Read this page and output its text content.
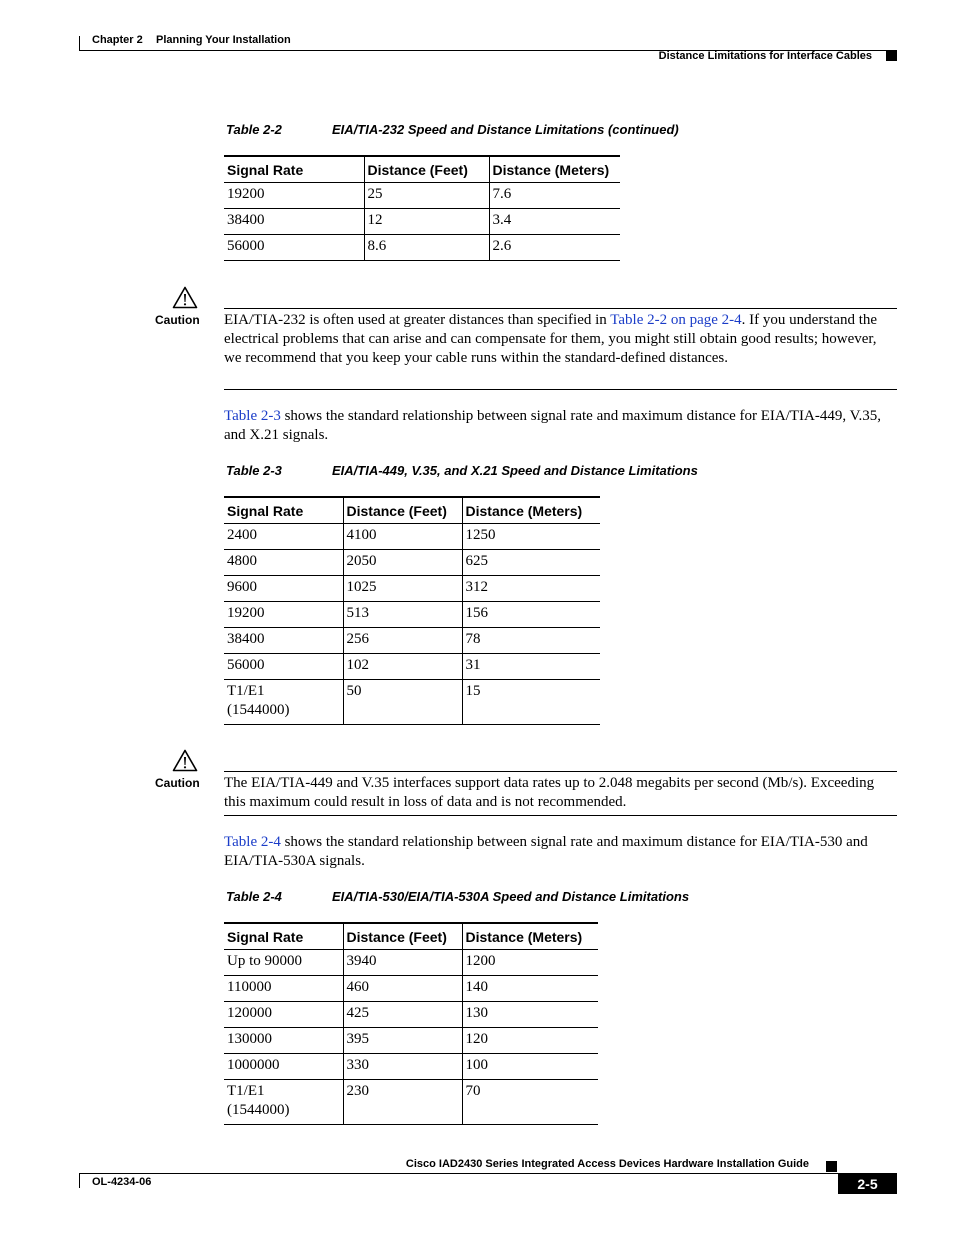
Chapter 2 Planning Your Installation
Distance Limitations for Interface Cables
Table 2-2	EIA/TIA-232 Speed and Distance Limitations (continued)
Signal Rate	Distance (Feet)	Distance (Meters)
19200	25	7.6
38400	12	3.4
56000	8.6	2.6
Caution EIA/TIA-232 is often used at greater distances than specified in Table 2-2 on page 2-4. If you understand the electrical problems that can arise and can compensate for them, you might still obtain good results; however, we recommend that you keep your cable runs within the standard-defined distances.
Table 2-3 shows the standard relationship between signal rate and maximum distance for EIA/TIA-449, V.35, and X.21 signals.
Table 2-3	EIA/TIA-449, V.35, and X.21 Speed and Distance Limitations
Signal Rate	Distance (Feet)	Distance (Meters)
2400	4100	1250
4800	2050	625
9600	1025	312
19200	513	156
38400	256	78
56000	102	31
T1/E1 (1544000)	50	15
Caution The EIA/TIA-449 and V.35 interfaces support data rates up to 2.048 megabits per second (Mb/s). Exceeding this maximum could result in loss of data and is not recommended.
Table 2-4 shows the standard relationship between signal rate and maximum distance for EIA/TIA-530 and EIA/TIA-530A signals.
Table 2-4	EIA/TIA-530/EIA/TIA-530A Speed and Distance Limitations
Signal Rate	Distance (Feet)	Distance (Meters)
Up to 90000	3940	1200
110000	460	140
120000	425	130
130000	395	120
1000000	330	100
T1/E1 (1544000)	230	70
Cisco IAD2430 Series Integrated Access Devices Hardware Installation Guide
OL-4234-06	2-5
